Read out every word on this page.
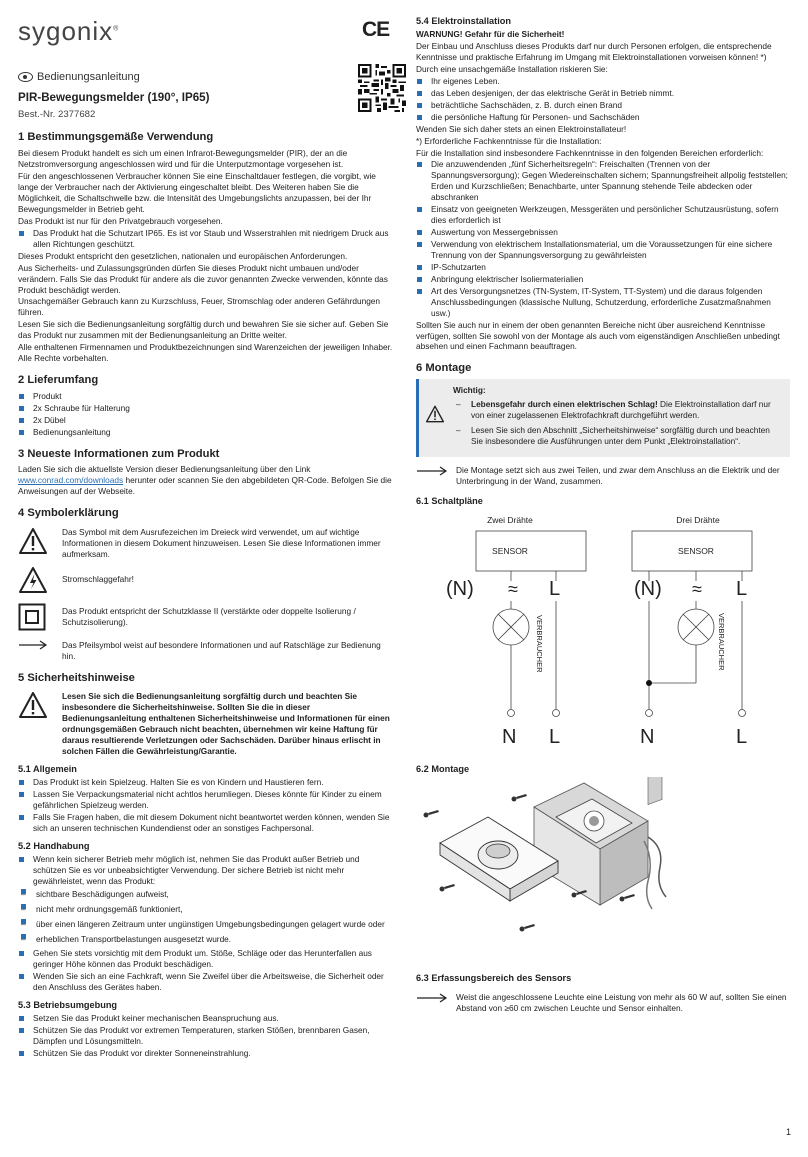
sygonix®	CE
Bedienungsanleitung
PIR-Bewegungsmelder (190°, IP65)
Best.-Nr. 2377682
1 Bestimmungsgemäße Verwendung

Bei diesem Produkt handelt es sich um einen Infrarot-Bewegungsmelder (PIR), der an die Netzstromversorgung angeschlossen wird und für die Unterputzmontage vorgesehen ist.

Für den angeschlossenen Verbraucher können Sie eine Einschaltdauer festlegen, die vorgibt, wie lange der Verbraucher nach der Aktivierung eingeschaltet bleibt. Des Weiteren haben Sie die Möglichkeit, die Schaltschwelle bzw. die Intensität des Umgebungslichts anzupassen, bei der Ihr Bewegungsmelder in Betrieb geht.

Das Produkt ist nur für den Privatgebrauch vorgesehen.

Das Produkt hat die Schutzart IP65. Es ist vor Staub und Wsserstrahlen mit niedrigem Druck aus allen Richtungen geschützt.

Dieses Produkt entspricht den gesetzlichen, nationalen und europäischen Anforderungen.

Aus Sicherheits- und Zulassungsgründen dürfen Sie dieses Produkt nicht umbauen und/oder verändern. Falls Sie das Produkt für andere als die zuvor genannten Zwecke verwenden, könnte das Produkt beschädigt werden.

Unsachgemäßer Gebrauch kann zu Kurzschluss, Feuer, Stromschlag oder anderen Gefährdungen führen.

Lesen Sie sich die Bedienungsanleitung sorgfältig durch und bewahren Sie sie sicher auf. Geben Sie das Produkt nur zusammen mit der Bedienungsanleitung an Dritte weiter.

Alle enthaltenen Firmennamen und Produktbezeichnungen sind Warenzeichen der jeweiligen Inhaber. Alle Rechte vorbehalten.

2 Lieferumfang
Produkt
2x Schraube für Halterung
2x Dübel
Bedienungsanleitung
3 Neueste Informationen zum Produkt

Laden Sie sich die aktuellste Version dieser Bedienungsanleitung über den Link www.conrad.com/downloads herunter oder scannen Sie den abgebildeten QR-Code. Befolgen Sie die Anweisungen auf der Webseite.

4 Symbolerklärung
Das Symbol mit dem Ausrufezeichen im Dreieck wird verwendet, um auf wichtige Informationen in diesem Dokument hinzuweisen. Lesen Sie diese Informationen immer aufmerksam.
Stromschlaggefahr!
Das Produkt entspricht der Schutzklasse II (verstärkte oder doppelte Isolierung / Schutzisolierung).
Das Pfeilsymbol weist auf besondere Informationen und auf Ratschläge zur Bedienung hin.
5 Sicherheitshinweise
Lesen Sie sich die Bedienungsanleitung sorgfältig durch und beachten Sie insbesondere die Sicherheitshinweise. Sollten Sie die in dieser Bedienungsanleitung enthaltenen Sicherheitshinweise und Informationen für einen ordnungsgemäßen Gebrauch nicht beachten, übernehmen wir keine Haftung für daraus resultierende Verletzungen oder Sachschäden. Darüber hinaus erlischt in solchen Fällen die Gewährleistung/Garantie.
5.1 Allgemein
Das Produkt ist kein Spielzeug. Halten Sie es von Kindern und Haustieren fern.
Lassen Sie Verpackungsmaterial nicht achtlos herumliegen. Dieses könnte für Kinder zu einem gefährlichen Spielzeug werden.
Falls Sie Fragen haben, die mit diesem Dokument nicht beantwortet werden können, wenden Sie sich an unseren technischen Kundendienst oder an sonstiges Fachpersonal.
5.2 Handhabung
Wenn kein sicherer Betrieb mehr möglich ist, nehmen Sie das Produkt außer Betrieb und schützen Sie es vor unbeabsichtigter Verwendung. Der sichere Betrieb ist nicht mehr gewährleistet, wenn das Produkt:
– sichtbare Beschädigungen aufweist,
– nicht mehr ordnungsgemäß funktioniert,
– über einen längeren Zeitraum unter ungünstigen Umgebungsbedingungen gelagert wurde oder
– erheblichen Transportbelastungen ausgesetzt wurde.
Gehen Sie stets vorsichtig mit dem Produkt um. Stöße, Schläge oder das Herunterfallen aus geringer Höhe können das Produkt beschädigen.
Wenden Sie sich an eine Fachkraft, wenn Sie Zweifel über die Arbeitsweise, die Sicherheit oder den Anschluss des Gerätes haben.
5.3 Betriebsumgebung
Setzen Sie das Produkt keiner mechanischen Beanspruchung aus.
Schützen Sie das Produkt vor extremen Temperaturen, starken Stößen, brennbaren Gasen, Dämpfen und Lösungsmitteln.
Schützen Sie das Produkt vor direkter Sonneneinstrahlung.
5.4 Elektroinstallation

WARNUNG! Gefahr für die Sicherheit!

Der Einbau und Anschluss dieses Produkts darf nur durch Personen erfolgen, die entsprechende Kenntnisse und praktische Erfahrung im Umgang mit Elektroinstallationen vorweisen können! *)

Durch eine unsachgemäße Installation riskieren Sie:

Ihr eigenes Leben.
das Leben desjenigen, der das elektrische Gerät in Betrieb nimmt.
beträchtliche Sachschäden, z. B. durch einen Brand
die persönliche Haftung für Personen- und Sachschäden

Wenden Sie sich daher stets an einen Elektroinstallateur!

*) Erforderliche Fachkenntnisse für die Installation:

Für die Installation sind insbesondere Fachkenntnisse in den folgenden Bereichen erforderlich:

Die anzuwendenden „fünf Sicherheitsregeln“: Freischalten (Trennen von der Spannungsversorgung); Gegen Wiedereinschalten sichern; Spannungsfreiheit allpolig feststellen; Erden und Kurzschließen; Benachbarte, unter Spannung stehende Teile abdecken oder abschranken
Einsatz von geeigneten Werkzeugen, Messgeräten und persönlicher Schutzausrüstung, sofern dies erforderlich ist
Auswertung von Messergebnissen
Verwendung von elektrischem Installationsmaterial, um die Voraussetzungen für eine sichere Trennung von der Spannungsversorgung zu gewährleisten
IP-Schutzarten
Anbringung elektrischer Isoliermaterialien
Art des Versorgungsnetzes (TN-System, IT-System, TT-System) und die daraus folgenden Anschlussbedingungen (klassische Nullung, Schutzerdung, erforderliche Zusatzmaßnahmen usw.)

Sollten Sie auch nur in einem der oben genannten Bereiche nicht über ausreichend Kenntnisse verfügen, sollten Sie sowohl von der Montage als auch vom eigenständigen Anschließen unbedingt absehen und einen Fachmann beauftragen.

6 Montage
Wichtig:
– Lebensgefahr durch einen elektrischen Schlag! Die Elektroinstallation darf nur von einer zugelassenen Elektrofachkraft durchgeführt werden.
– Lesen Sie sich den Abschnitt „Sicherheitshinweise“ sorgfältig durch und beachten Sie insbesondere die Ausführungen unter dem Punkt „Elektroinstallation“.
Die Montage setzt sich aus zwei Teilen, und zwar dem Anschluss an die Elektrik und der Unterbringung in der Wand, zusammen.
6.1 Schaltpläne
Zwei Drähte
SENSOR
(N) ≈ L
VERBRAUCHER
N L
Drei Drähte
SENSOR
(N) ≈ L
VERBRAUCHER
N	L
6.2 Montage
6.3 Erfassungsbereich des Sensors
Weist die angeschlossene Leuchte eine Leistung von mehr als 60 W auf, sollten Sie einen Abstand von ≥60 cm zwischen Leuchte und Sensor einhalten.
1
